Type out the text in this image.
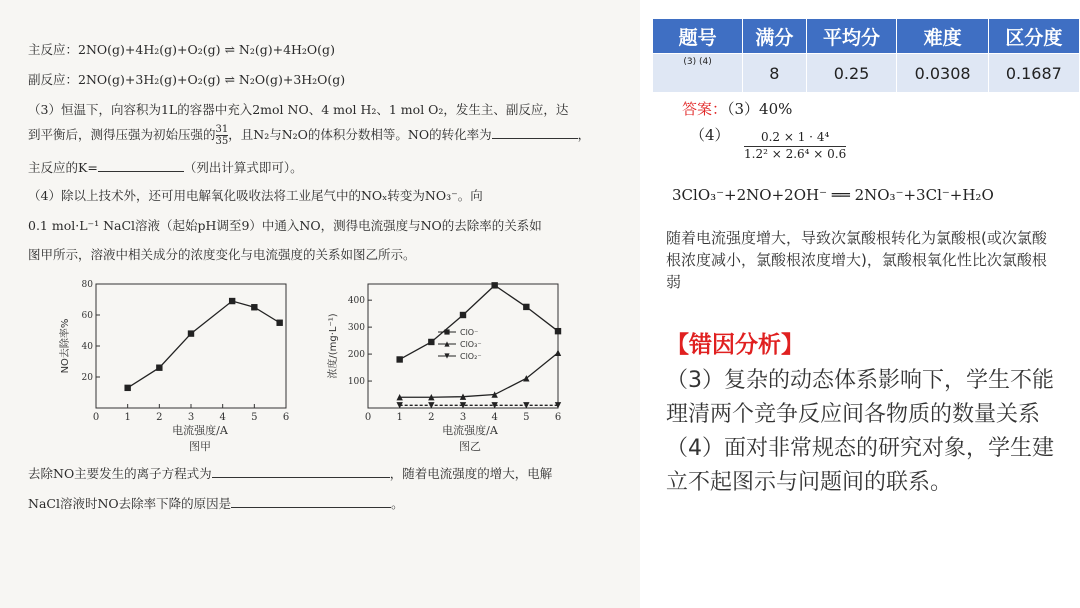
主反应：2NO(g)+4H₂(g)+O₂(g) ⇌ N₂(g)+4H₂O(g)
副反应：2NO(g)+3H₂(g)+O₂(g) ⇌ N₂O(g)+3H₂O(g)
（3）恒温下，向容积为1L的容器中充入2mol NO、4 mol H₂、1 mol O₂，发生主、副反应，达
到平衡后，测得压强为初始压强的 $\frac{31}{35}$ ，且N₂与N₂O的体积分数相等。NO的转化率为	，
主反应的K=	（列出计算式即可）。
（4）除以上技术外，还可用电解氧化吸收法将工业尾气中的NOₓ转变为NO₃⁻。向
0.1 mol·L⁻¹ NaCl溶液（起始pH调至9）中通入NO，测得电流强度与NO的去除率的关系如
图甲所示，溶液中相关成分的浓度变化与电流强度的关系如图乙所示。
0	1	2	3	4	5	6
20
40
60
80
NO去除率%
电流强度/A
图甲
0	1	2	3	4	5	6
100
200
300
400
浓度/(mg·L⁻¹)	ClO⁻
ClO₃⁻
ClO₂⁻
电流强度/A
图乙
去除NO主要发生的离子方程式为	，随着电流强度的增大，电解
NaCl溶液时NO去除率下降的原因是	。
题号	满分	平均分	难度	区分度
(3) (4)	8	0.25	0.0308	0.1687
答案：（3）40%
$(4) \frac{\text{0.2 × 1 · 4⁴}}{\text{1.2² × 2.6⁴ × 0.6}}$
3ClO₃⁻+2NO+2OH⁻ ══ 2NO₃⁻+3Cl⁻+H₂O
随着电流强度增大，导致次氯酸根转化为氯酸根(或次氯酸根浓度减小，氯酸根浓度增大)，氯酸根氧化性比次氯酸根弱
【错因分析】
（3）复杂的动态体系影响下，学生不能理清两个竞争反应间各物质的数量关系
（4）面对非常规态的研究对象，学生建立不起图示与问题间的联系。
